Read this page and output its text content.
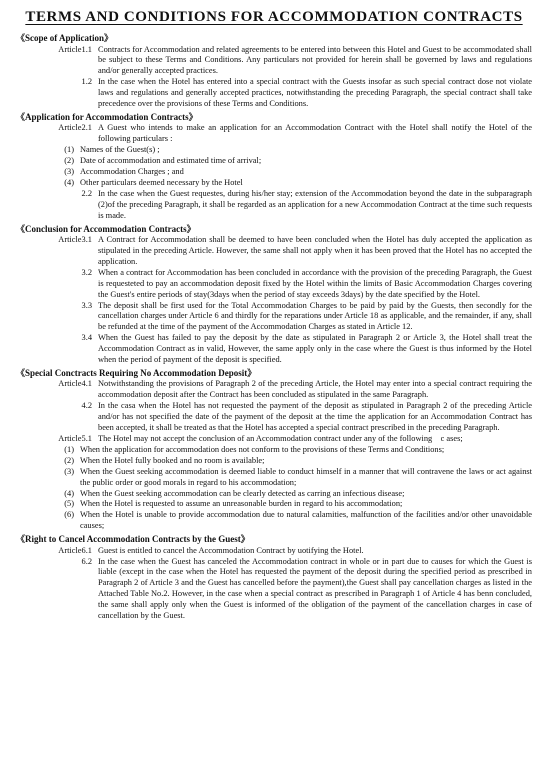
TERMS AND CONDITIONS FOR ACCOMMODATION CONTRACTS
《Scope of Application》
Article1.1 Contracts for Accommodation and related agreements to be entered into between this Hotel and Guest to be accommodated shall be subject to these Terms and Conditions. Any particulars not provided for herein shall be governed by laws and regulations and/or generally accepted practices.
1.2 In the case when the Hotel has entered into a special contract with the Guests insofar as such special contract dose not violate laws and regulations and generally accepted practices, notwithstanding the preceding Paragraph, the special contract shall take precedence over the provisions of these Terms and Conditions.
《Application for Accommodation Contracts》
Article2.1 A Guest who intends to make an application for an Accommodation Contract with the Hotel shall notify the Hotel of the following particulars :
(1) Names of the Guest(s) ;
(2) Date of accommodation and estimated time of arrival;
(3) Accommodation Charges ; and
(4) Other particulars deemed necessary by the Hotel
2.2 In the case when the Guest requestes, during his/her stay; extension of the Accommodation beyond the date in the subparagraph (2)of the preceding Paragraph, it shall be regarded as an application for a new Accommodation Contract at the time such requests is made.
《Conclusion for Accommodation Contracts》
Article3.1 A Contract for Accommodation shall be deemed to have been concluded when the Hotel has duly accepted the application as stipulated in the preceding Article. However, the same shall not apply when it has been proved that the Hotel has no accepted the application.
3.2 When a contract for Accommodation has been concluded in accordance with the provision of the preceding Paragraph, the Guest is requesteted to pay an accommodation deposit fixed by the Hotel within the limits of Basic Accommodation Charges covering the Guest's entire periods of stay(3days when the period of stay exceeds 3days) by the date specified by the Hotel.
3.3 The deposit shall be first used for the Total Accommodation Charges to be paid by paid by the Guests, then secondly for the cancellation charges under Article 6 and thirdly for the reparations under Article 18 as applicable, and the remainder, if any, shall be refunded at the time of the payment of the Accommodation Charges as stated in Article 12.
3.4 When the Guest has failed to pay the deposit by the date as stipulated in Paragraph 2 or Article 3, the Hotel shall treat the Accommodation Contract as in valid, However, the same apply only in the case where the Guest is thus informed by the Hotel when the period of payment of the deposit is specified.
《Special Conctracts Requiring No Accommodation Deposit》
Article4.1 Notwithstanding the provisions of Paragraph 2 of the preceding Article, the Hotel may enter into a special contract requiring the accommodation deposit after the Contract has been concluded as stipulated in the same Paragraph.
4.2 In the casa when the Hotel has not requested the payment of the deposit as stipulated in Paragraph 2 of the preceding Article and/or has not specified the date of the payment of the deposit at the time the application for an Accommodation Contract has been accepted, it shall be treated as that the Hotel has accepted a special contract prescribed in the preceding Paragraph.
Article5.1 The Hotel may not accept the conclusion of an Accommodation contract under any of the following　c ases;
(1) When the application for accommodation does not conform to the provisions of these Terms and Conditions;
(2) When the Hotel fully booked and no room is available;
(3) When the Guest seeking accommodation is deemed liable to conduct himself in a manner that will contravene the laws or act against the public order or good morals in regard to his accommodation;
(4) When the Guest seeking accommodation can be clearly detected as carring an infectious disease;
(5) When the Hotel is requested to assume an unreasonable burden in regard to his accommodation;
(6) When the Hotel is unable to provide accommodation due to natural calamities, malfunction of the facilities and/or other unavoidable causes;
《Right to Cancel Accommodation Contracts by the Guest》
Article6.1 Guest is entitled to cancel the Accommodation Contract by uotifying the Hotel.
6.2 In the case when the Guest has canceled the Accommodation contract in whole or in part due to causes for which the Guest is liable (except in the case when the Hotel has requested the payment of the deposit during the specified period as prescribed in Paragraph 2 of Article 3 and the Guest has cancelled before the payment),the Guest shall pay cancellation charges as listed in the Attached Table No.2. However, in the case when a special contract as prescribed in Paragraph 1 of Article 4 has benn concluded, the same shall apply only when the Guest is informed of the obligation of the payment of the cancellation charges in case of cancellation by the Guest.
